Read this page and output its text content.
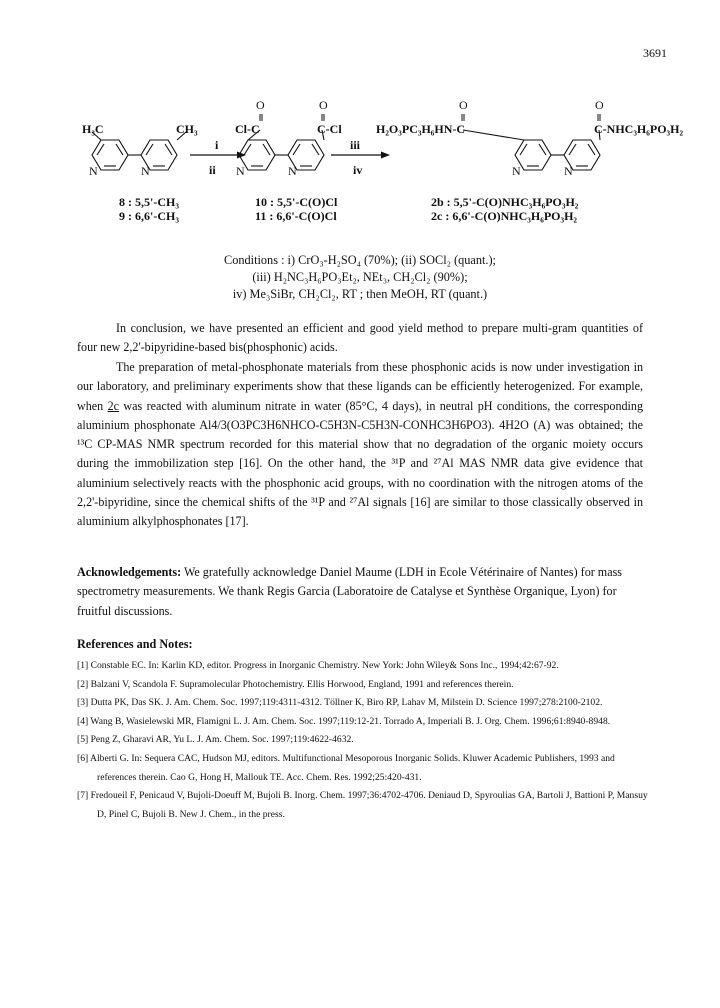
3691
O	O	O	O
H₃C	CH₃	Cl-C	C-Cl	H₂O₃PC₃H₆HN-C	C-NHC₃H₆PO₃H₂
N	N	N	N	N	N
i
ii
iii
iv
8 : 5,5'-CH₃
9 : 6,6'-CH₃
10 : 5,5'-C(O)Cl
11 : 6,6'-C(O)Cl
2b : 5,5'-C(O)NHC₃H₆PO₃H₂
2c : 6,6'-C(O)NHC₃H₆PO₃H₂
Conditions : i) CrO₃-H₂SO₄ (70%); (ii) SOCl₂ (quant.);
(iii) H₂NC₃H₆PO₃Et₂, NEt₃, CH₂Cl₂ (90%);
iv) Me₃SiBr, CH₂Cl₂, RT ; then MeOH, RT (quant.)

In conclusion, we have presented an efficient and good yield method to prepare multi-gram quantities of four new 2,2'-bipyridine-based bis(phosphonic) acids.

The preparation of metal-phosphonate materials from these phosphonic acids is now under investigation in our laboratory, and preliminary experiments show that these ligands can be efficiently heterogenized. For example, when 2c was reacted with aluminum nitrate in water (85°C, 4 days), in neutral pH conditions, the corresponding aluminium phosphonate Al4/3(O3PC3H6NHCO-C5H3N-C5H3N-CONHC3H6PO3). 4H2O (A) was obtained; the ¹³C CP-MAS NMR spectrum recorded for this material show that no degradation of the organic moiety occurs during the immobilization step [16]. On the other hand, the ³¹P and ²⁷Al MAS NMR data give evidence that aluminium selectively reacts with the phosphonic acid groups, with no coordination with the nitrogen atoms of the 2,2'-bipyridine, since the chemical shifts of the ³¹P and ²⁷Al signals [16] are similar to those classically observed in aluminium alkylphosphonates [17].

Acknowledgements: We gratefully acknowledge Daniel Maume (LDH in Ecole Vétérinaire of Nantes) for mass spectrometry measurements. We thank Regis Garcia (Laboratoire de Catalyse et Synthèse Organique, Lyon) for fruitful discussions.
References and Notes:

[1] Constable EC. In: Karlin KD, editor. Progress in Inorganic Chemistry. New York: John Wiley& Sons Inc., 1994;42:67-92.

[2] Balzani V, Scandola F. Supramolecular Photochemistry. Ellis Horwood, England, 1991 and references therein.

[3] Dutta PK, Das SK. J. Am. Chem. Soc. 1997;119:4311-4312. Töllner K, Biro RP, Lahav M, Milstein D. Science 1997;278:2100-2102.

[4] Wang B, Wasielewski MR, Flamigni L. J. Am. Chem. Soc. 1997;119:12-21. Torrado A, Imperiali B. J. Org. Chem. 1996;61:8940-8948.

[5] Peng Z, Gharavi AR, Yu L. J. Am. Chem. Soc. 1997;119:4622-4632.

[6] Alberti G. In: Sequera CAC, Hudson MJ, editors. Multifunctional Mesoporous Inorganic Solids. Kluwer Academic Publishers, 1993 and references therein. Cao G, Hong H, Mallouk TE. Acc. Chem. Res. 1992;25:420-431.

[7] Fredoueil F, Penicaud V, Bujoli-Doeuff M, Bujoli B. Inorg. Chem. 1997;36:4702-4706. Deniaud D, Spyroulias GA, Bartoli J, Battioni P, Mansuy D, Pinel C, Bujoli B. New J. Chem., in the press.
